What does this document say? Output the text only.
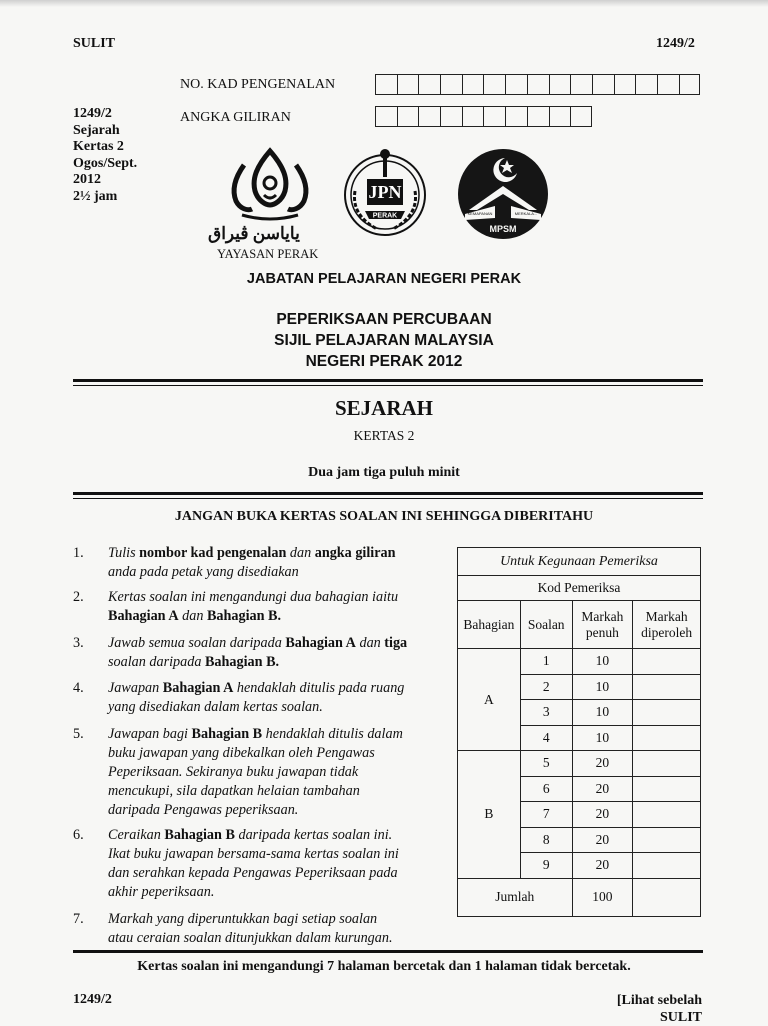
SULIT	1249/2
NO. KAD PENGENALAN
ANGKA GILIRAN
1249/2
Sejarah
Kertas 2
Ogos/Sept.
2012
2½ jam
ياياسن ڤيراق
YAYASAN PERAK
JPN
PERAK	KEMAPANAN	MERKALA...
MPSM
JABATAN PELAJARAN NEGERI PERAK
PEPERIKSAAN PERCUBAAN
SIJIL PELAJARAN MALAYSIA
NEGERI PERAK 2012
SEJARAH
KERTAS 2
Dua jam tiga puluh minit
JANGAN BUKA KERTAS SOALAN INI SEHINGGA DIBERITAHU
1. Tulis nombor kad pengenalan dan angka giliran
anda pada petak yang disediakan
2. Kertas soalan ini mengandungi dua bahagian iaitu
Bahagian A dan Bahagian B.
3. Jawab semua soalan daripada Bahagian A dan tiga
soalan daripada Bahagian B.
4. Jawapan Bahagian A hendaklah ditulis pada ruang
yang disediakan dalam kertas soalan.
5. Jawapan bagi Bahagian B hendaklah ditulis dalam
buku jawapan yang dibekalkan oleh Pengawas
Peperiksaan. Sekiranya buku jawapan tidak
mencukupi, sila dapatkan helaian tambahan
daripada Pengawas peperiksaan.
6. Ceraikan Bahagian B daripada kertas soalan ini.
Ikat buku jawapan bersama-sama kertas soalan ini
dan serahkan kepada Pengawas Peperiksaan pada
akhir peperiksaan.
7. Markah yang diperuntukkan bagi setiap soalan
atau ceraian soalan ditunjukkan dalam kurungan.
Untuk Kegunaan Pemeriksa			
Kod Pemeriksa			
Bahagian	Soalan	Markah penuh	Markah diperoleh
A	1	10	
	2	10	
	3	10	
	4	10	
B	5	20	
	6	20	
	7	20	
	8	20	
	9	20	
Jumlah		100	
Kertas soalan ini mengandungi 7 halaman bercetak dan 1 halaman tidak bercetak.
1249/2	[Lihat sebelah
SULIT
